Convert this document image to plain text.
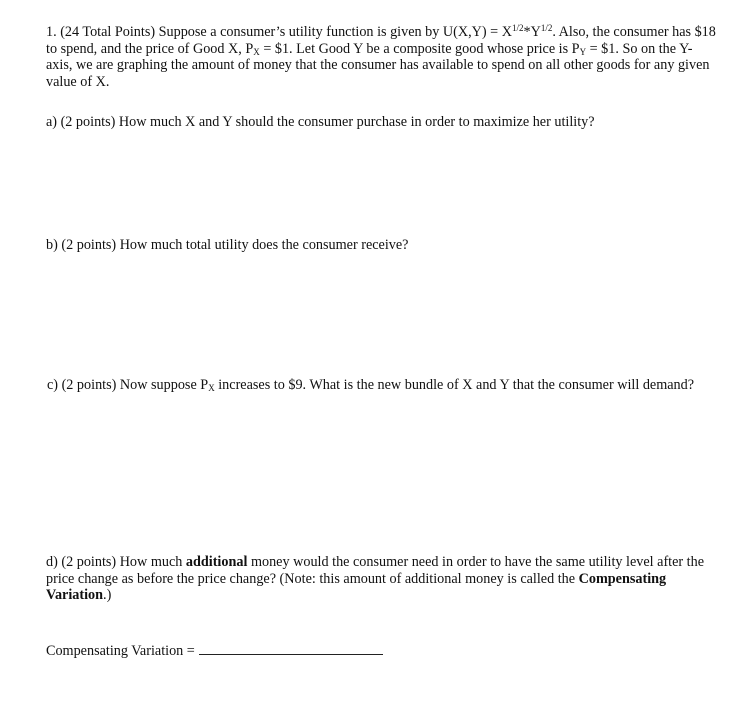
1. (24 Total Points) Suppose a consumer’s utility function is given by $U(X,Y) = X^{1/2}*Y^{1/2}$. Also, the consumer has $18 to spend, and the price of Good X, $P_X$ = $1. Let Good Y be a composite good whose price is $P_Y$ = $1. So on the Y-axis, we are graphing the amount of money that the consumer has available to spend on all other goods for any given value of X.

a) (2 points) How much X and Y should the consumer purchase in order to maximize her utility?

b) (2 points) How much total utility does the consumer receive?

c) (2 points) Now suppose $P_X$ increases to $9. What is the new bundle of X and Y that the consumer will demand?

d) (2 points) How much additional money would the consumer need in order to have the same utility level after the price change as before the price change? (Note: this amount of additional money is called the Compensating Variation.)

Compensating Variation =
